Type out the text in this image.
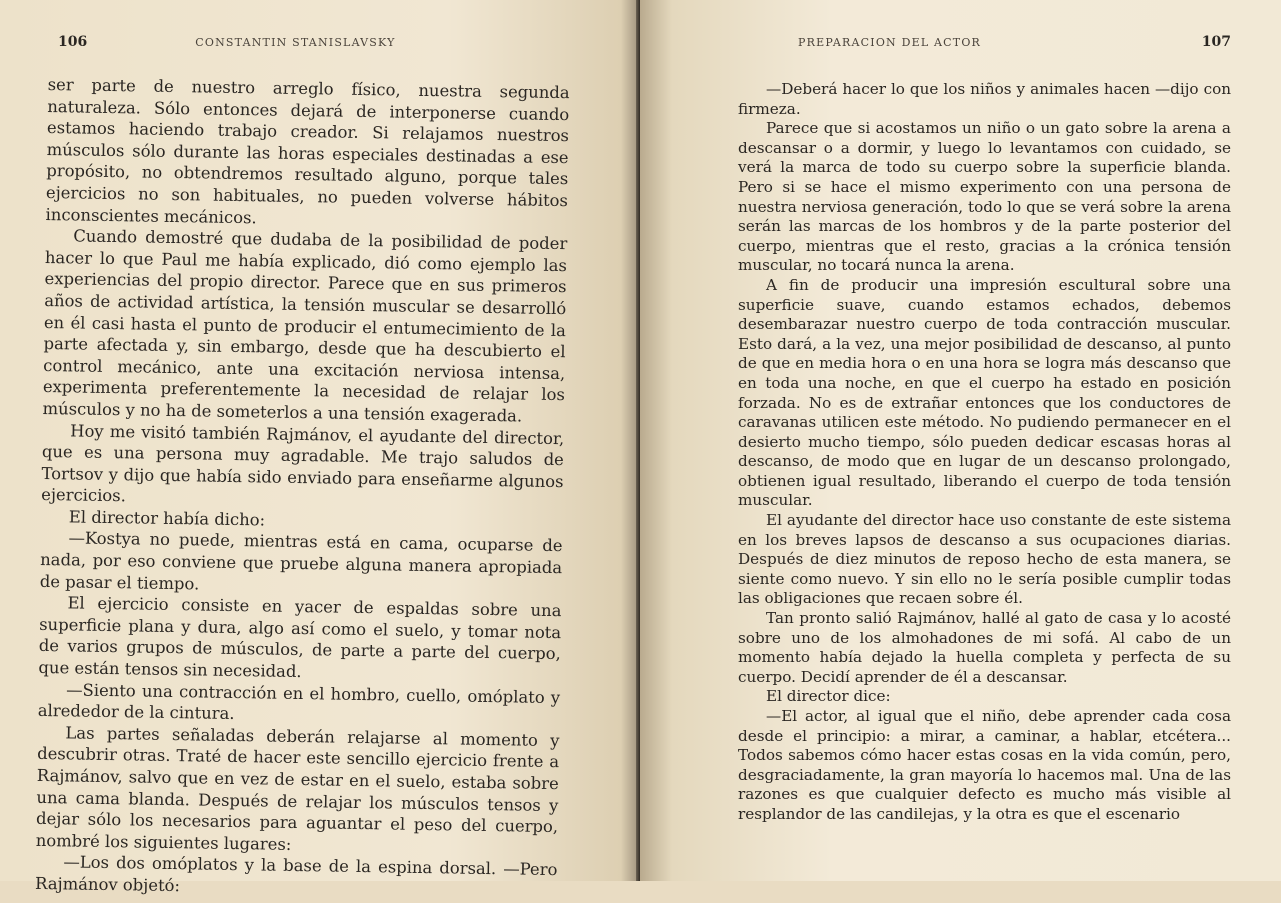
106	CONSTANTIN STANISLAVSKY

ser parte de nuestro arreglo físico, nuestra segunda naturaleza. Sólo entonces dejará de interponerse cuando estamos haciendo trabajo creador. Si relajamos nuestros músculos sólo durante las horas especiales destinadas a ese propósito, no obtendremos resultado alguno, porque tales ejercicios no son habituales, no pueden volverse hábitos inconscientes mecánicos.

Cuando demostré que dudaba de la posibilidad de poder hacer lo que Paul me había explicado, dió como ejemplo las experiencias del propio director. Parece que en sus primeros años de actividad artística, la tensión muscular se desarrolló en él casi hasta el punto de producir el entumecimiento de la parte afectada y, sin embargo, desde que ha descubierto el control mecánico, ante una excitación nerviosa intensa, experimenta preferentemente la necesidad de relajar los músculos y no ha de someterlos a una tensión exagerada.

Hoy me visitó también Rajmánov, el ayudante del director, que es una persona muy agradable. Me trajo saludos de Tortsov y dijo que había sido enviado para enseñarme algunos ejercicios.

El director había dicho:

—Kostya no puede, mientras está en cama, ocuparse de nada, por eso conviene que pruebe alguna manera apropiada de pasar el tiempo.

El ejercicio consiste en yacer de espaldas sobre una superficie plana y dura, algo así como el suelo, y tomar nota de varios grupos de músculos, de parte a parte del cuerpo, que están tensos sin necesidad.

—Siento una contracción en el hombro, cuello, omóplato y alrededor de la cintura.

Las partes señaladas deberán relajarse al momento y descubrir otras. Traté de hacer este sencillo ejercicio frente a Rajmánov, salvo que en vez de estar en el suelo, estaba sobre una cama blanda. Después de relajar los músculos tensos y dejar sólo los necesarios para aguantar el peso del cuerpo, nombré los siguientes lugares:

—Los dos omóplatos y la base de la espina dorsal. —Pero Rajmánov objetó:

PREPARACION DEL ACTOR	107

—Deberá hacer lo que los niños y animales hacen —dijo con firmeza.

Parece que si acostamos un niño o un gato sobre la arena a descansar o a dormir, y luego lo levantamos con cuidado, se verá la marca de todo su cuerpo sobre la superficie blanda. Pero si se hace el mismo experimento con una persona de nuestra nerviosa generación, todo lo que se verá sobre la arena serán las marcas de los hombros y de la parte posterior del cuerpo, mientras que el resto, gracias a la crónica tensión muscular, no tocará nunca la arena.

A fin de producir una impresión escultural sobre una superficie suave, cuando estamos echados, debemos desembarazar nuestro cuerpo de toda contracción muscular. Esto dará, a la vez, una mejor posibilidad de descanso, al punto de que en media hora o en una hora se logra más descanso que en toda una noche, en que el cuerpo ha estado en posición forzada. No es de extrañar entonces que los conductores de caravanas utilicen este método. No pudiendo permanecer en el desierto mucho tiempo, sólo pueden dedicar escasas horas al descanso, de modo que en lugar de un descanso prolongado, obtienen igual resultado, liberando el cuerpo de toda tensión muscular.

El ayudante del director hace uso constante de este sistema en los breves lapsos de descanso a sus ocupaciones diarias. Después de diez minutos de reposo hecho de esta manera, se siente como nuevo. Y sin ello no le sería posible cumplir todas las obligaciones que recaen sobre él.

Tan pronto salió Rajmánov, hallé al gato de casa y lo acosté sobre uno de los almohadones de mi sofá. Al cabo de un momento había dejado la huella completa y perfecta de su cuerpo. Decidí aprender de él a descansar.

El director dice:

—El actor, al igual que el niño, debe aprender cada cosa desde el principio: a mirar, a caminar, a hablar, etcétera... Todos sabemos cómo hacer estas cosas en la vida común, pero, desgraciadamente, la gran mayoría lo hacemos mal. Una de las razones es que cualquier defecto es mucho más visible al resplandor de las candilejas, y la otra es que el escenario
